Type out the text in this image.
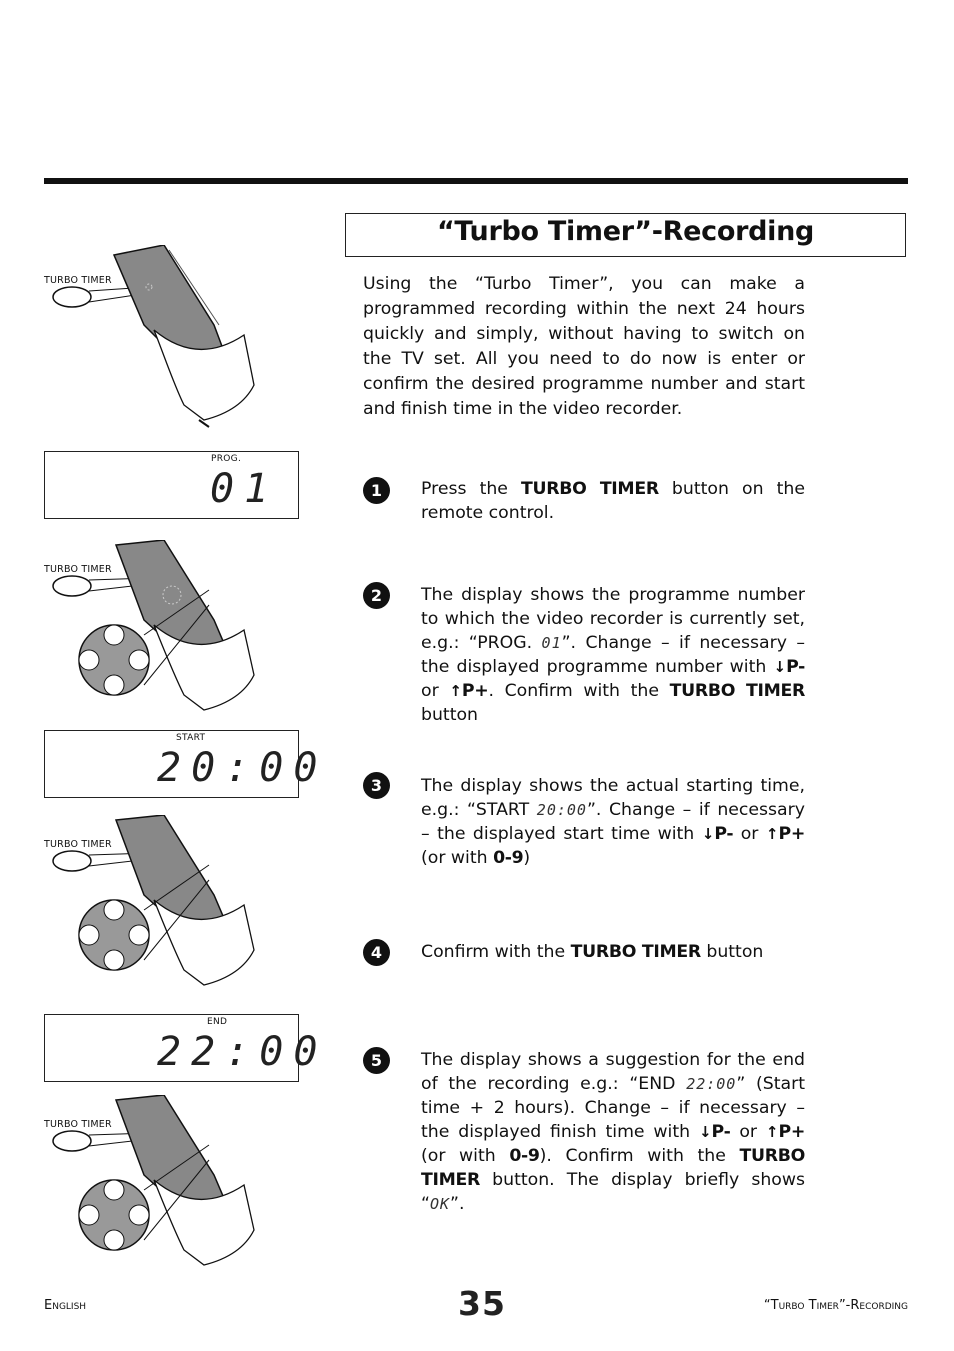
“Turbo Timer”-Recording
Using the “Turbo Timer”, you can make a programmed recording within the next 24 hours quickly and simply, without having to switch on the TV set. All you need to do now is enter or confirm the desired programme number and start and finish time in the video recorder.
TURBO TIMER
PROG.
01
TURBO TIMER
START
20:00
TURBO TIMER
END
22:00
TURBO TIMER
1	Press the TURBO TIMER button on the remote control.
2	The display shows the programme number to which the video recorder is currently set, e.g.: “PROG. 01”. Change – if necessary – the displayed programme number with ↓P- or ↑P+. Confirm with the TURBO TIMER button
3	The display shows the actual starting time, e.g.: “START 20:00”. Change – if necessary – the displayed start time with ↓P- or ↑P+ (or with 0-9)
4	Confirm with the TURBO TIMER button
5	The display shows a suggestion for the end of the recording e.g.: “END 22:00” (Start time + 2 hours). Change – if necessary – the displayed finish time with ↓P- or ↑P+ (or with 0-9). Confirm with the TURBO TIMER button. The display briefly shows “OK”.
English	35	“Turbo Timer”-Recording
